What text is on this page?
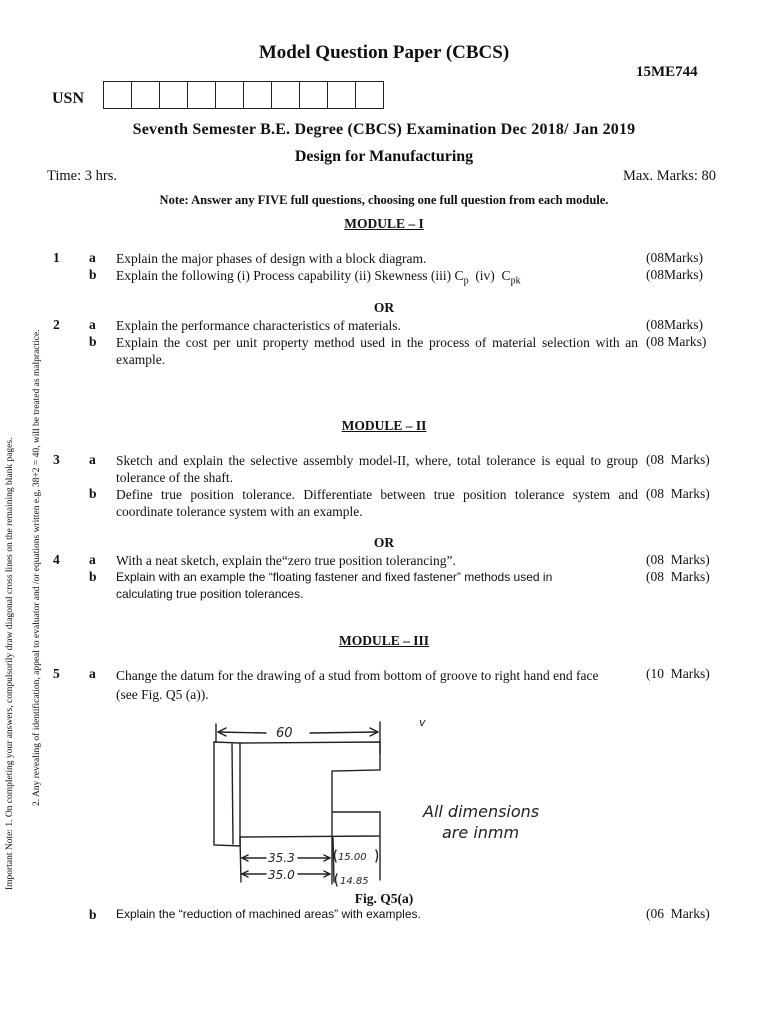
Model Question Paper (CBCS)
15ME744
USN
Seventh Semester B.E. Degree (CBCS) Examination Dec 2018/ Jan 2019
Design for Manufacturing
Time: 3 hrs.	Max. Marks: 80
Note: Answer any FIVE full questions, choosing one full question from each module.
Important Note: 1. On completing your answers, compulsorily draw diagonal cross lines on the remaining blank pages. 2. Any revealing of identification, appeal to evaluator and /or equations written e.g, 38+2 = 40, will be treated as malpractice.
MODULE – I
1 a Explain the major phases of design with a block diagram.	(08Marks)
b Explain the following (i) Process capability (ii) Skewness (iii) $C_p$  (iv)  $C_{pk}$	(08Marks)
OR
2 a Explain the performance characteristics of materials.	(08Marks)
b Explain the cost per unit property method used in the process of material selection with an example.
(08 Marks)
MODULE – II
3 a Sketch and explain the selective assembly model-II, where, total tolerance is equal to group tolerance of the shaft.
(08  Marks)
b Define true position tolerance. Differentiate between true position tolerance system and coordinate tolerance system with an example.
(08  Marks)
OR
4 a With a neat sketch, explain the“zero true position tolerancing”.	(08  Marks)
b Explain with an example the “floating fastener and fixed fastener” methods used in calculating true position tolerances.
(08  Marks)
MODULE – III
5 a Change the datum for the drawing of a stud from bottom of groove to right hand end face (see Fig. Q5 (a)).
(10  Marks)
60
35.3	15.00
35.0	14.85
All dimensions
are inmm
v
Fig. Q5(a)
b Explain the “reduction of machined areas” with examples.	(06  Marks)
